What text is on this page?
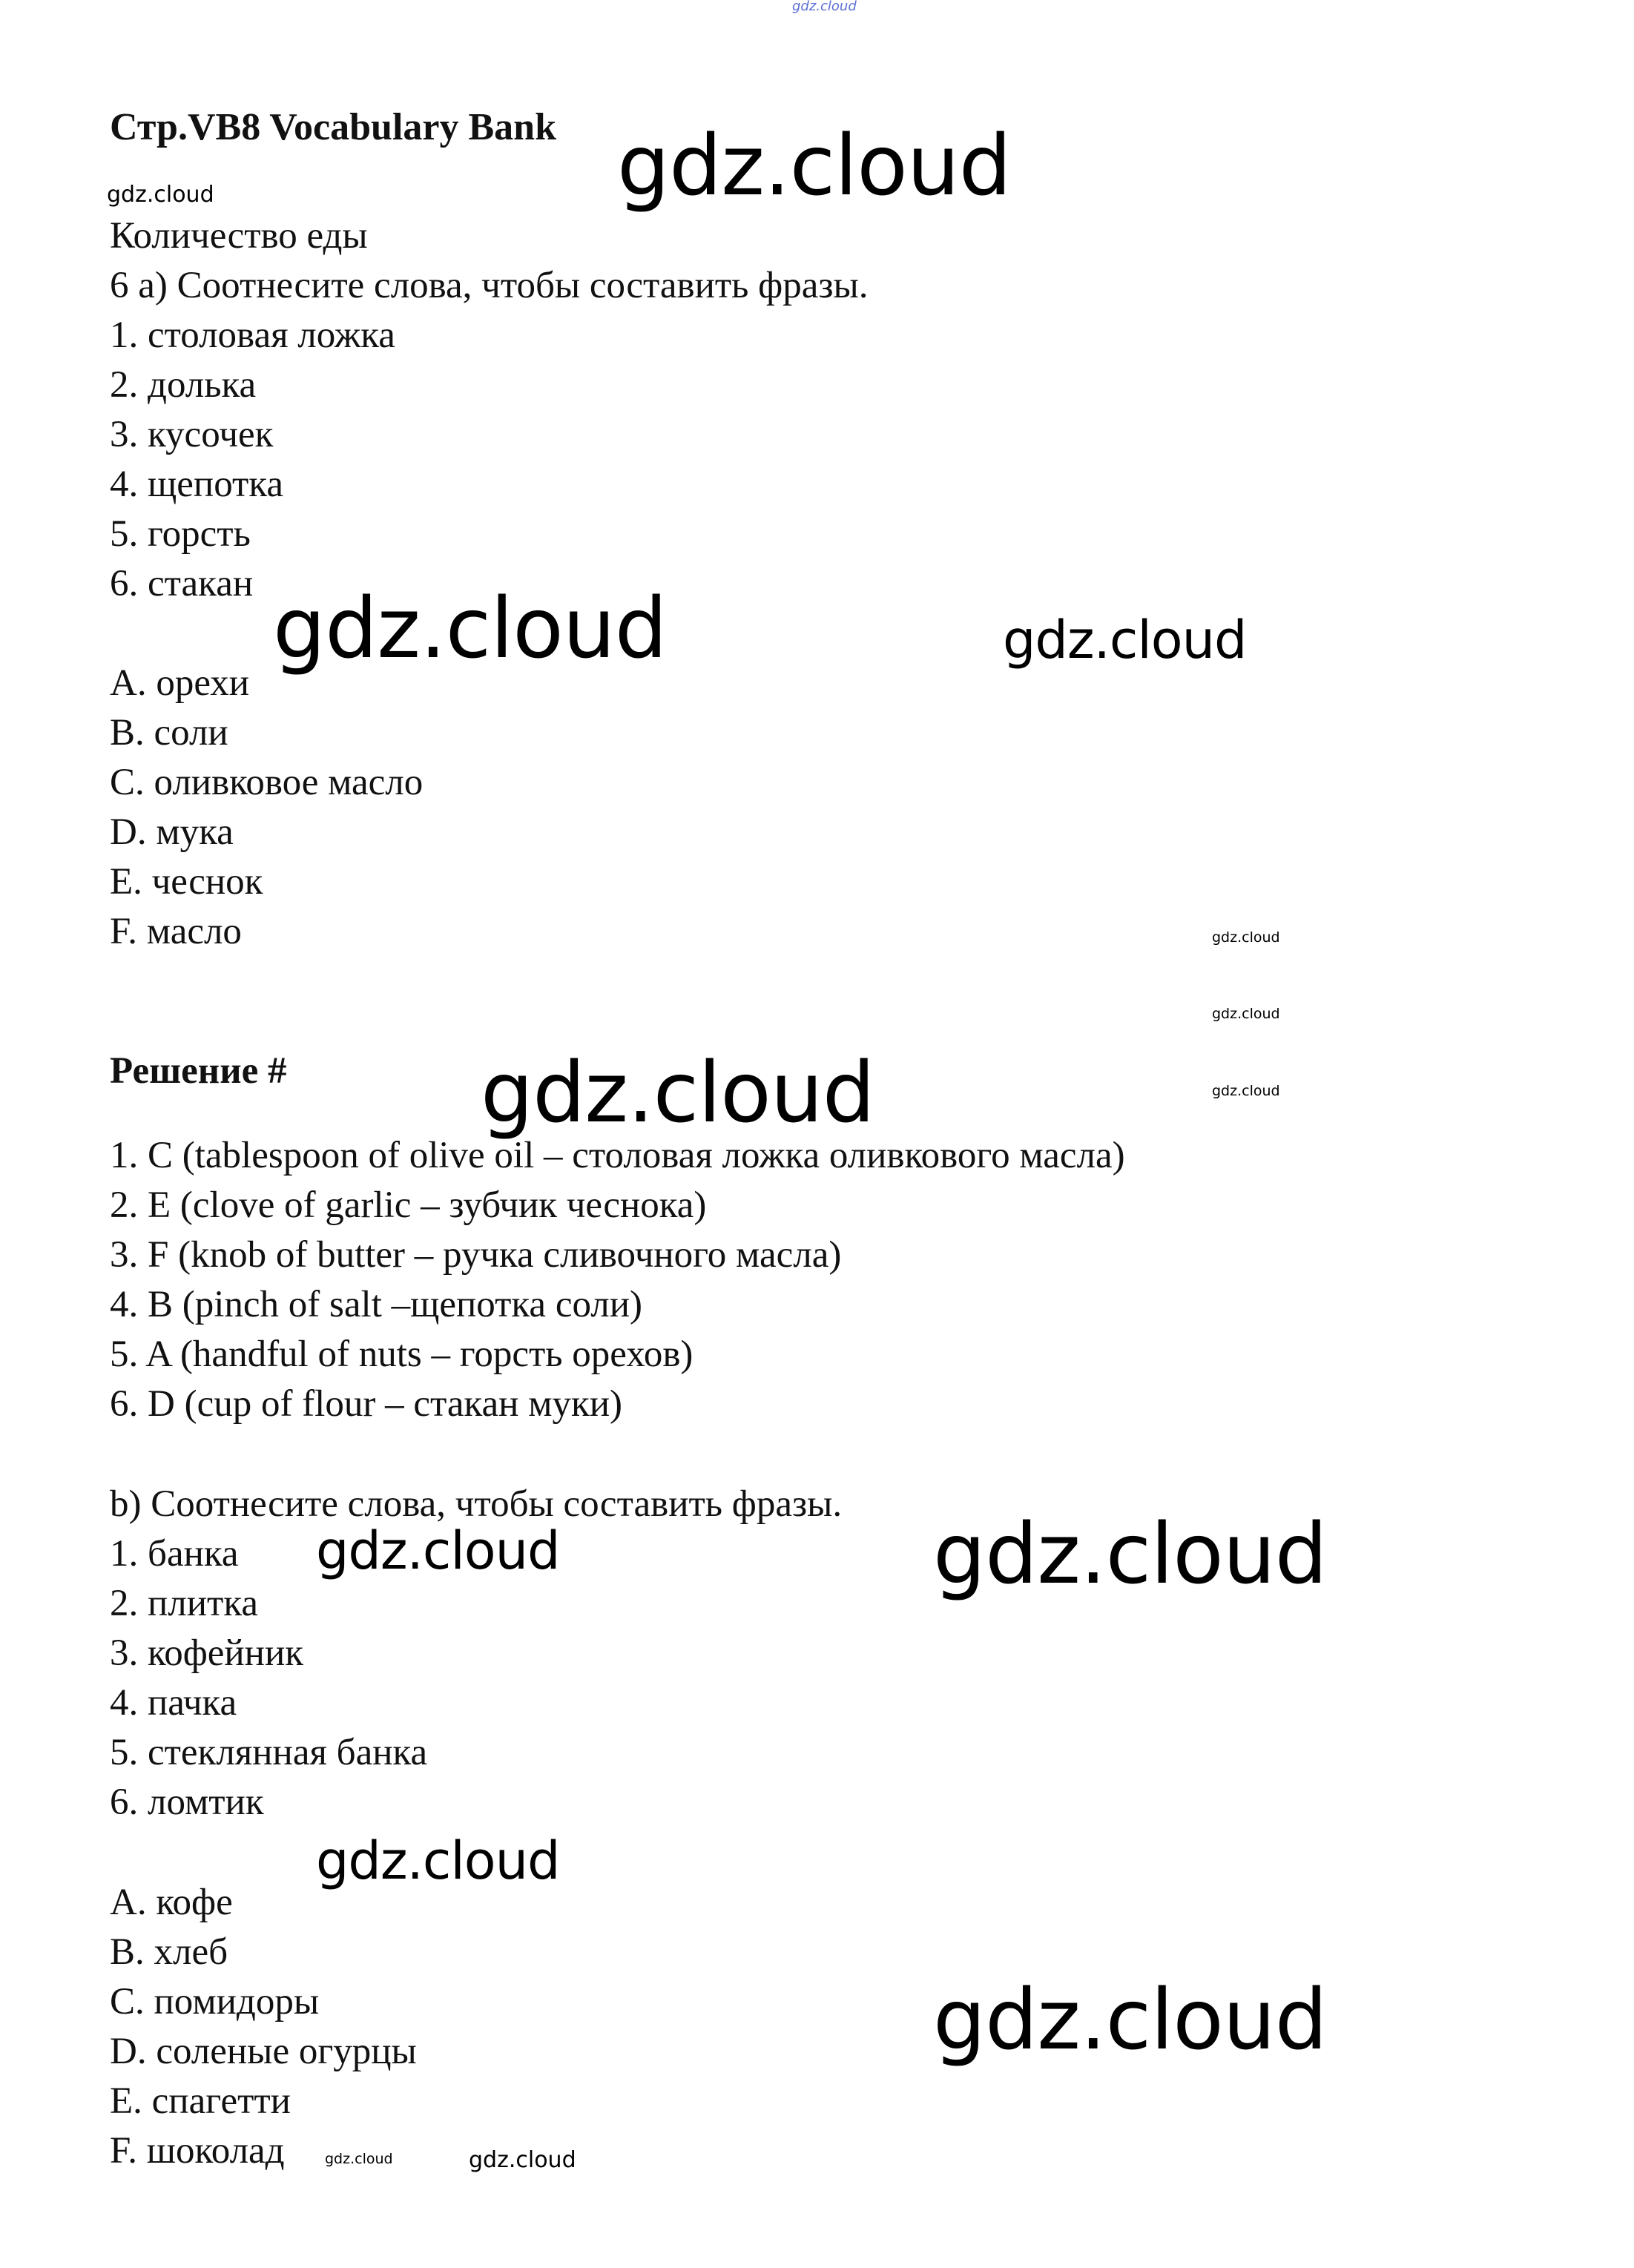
gdz.cloud
gdz.cloud
gdz.cloud
gdz.cloud	gdz.cloud
gdz.cloud
gdz.cloud
gdz.cloud
gdz.cloud
gdz.cloud	gdz.cloud
gdz.cloud
gdz.cloud
gdz.cloud	gdz.cloud
Стр.VB8 Vocabulary Bank
Количество еды
6 a) Соотнесите слова, чтобы составить фразы.
1. столовая ложка
2. долька
3. кусочек
4. щепотка
5. горсть
6. стакан
A. орехи
B. соли
C. оливковое масло
D. мука
E. чеснок
F. масло
Решение #
1. C (tablespoon of olive oil – столовая ложка оливкового масла)
2. E (clove of garlic – зубчик чеснока)
3. F (knob of butter – ручка сливочного масла)
4. B (pinch of salt –щепотка соли)
5. A (handful of nuts – горсть орехов)
6. D (cup of flour – стакан муки)
b) Соотнесите слова, чтобы составить фразы.
1. банка
2. плитка
3. кофейник
4. пачка
5. стеклянная банка
6. ломтик
A. кофе
B. хлеб
C. помидоры
D. соленые огурцы
E. спагетти
F. шоколад
